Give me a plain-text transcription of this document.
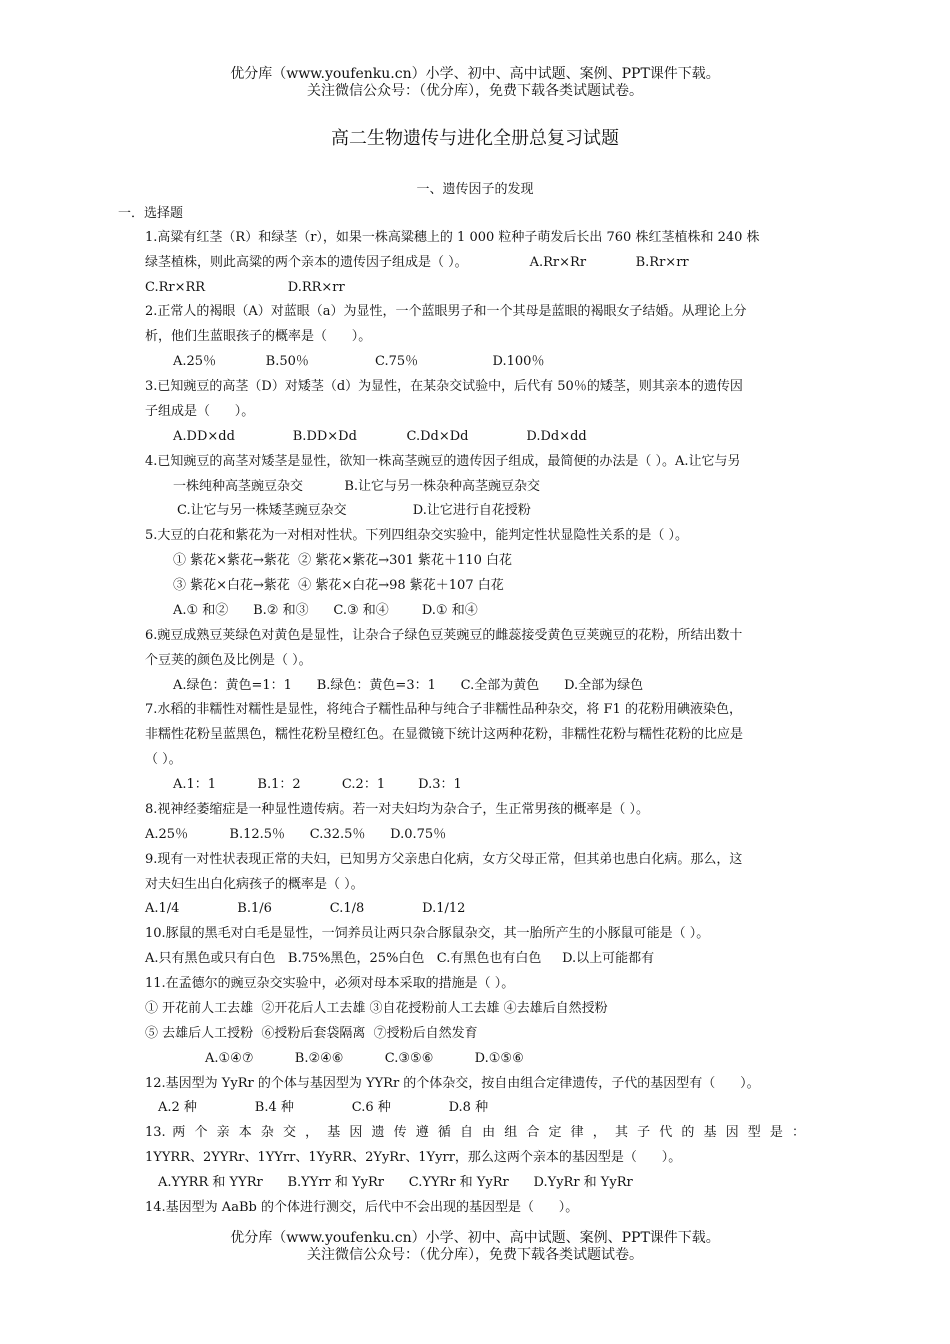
优分库（www.youfenku.cn）小学、初中、高中试题、案例、PPT课件下载。
关注微信公众号：（优分库），免费下载各类试题试卷。
高二生物遗传与进化全册总复习试题
一、遗传因子的发现
一．选择题
1.高粱有红茎（R）和绿茎（r），如果一株高粱穗上的 1 000 粒种子萌发后长出 760 株红茎植株和 240 株
绿茎植株，则此高粱的两个亲本的遗传因子组成是（ ）。               A.Rr×Rr            B.Rr×rr
C.Rr×RR                    D.RR×rr
2.正常人的褐眼（A）对蓝眼（a）为显性，一个蓝眼男子和一个其母是蓝眼的褐眼女子结婚。从理论上分
析，他们生蓝眼孩子的概率是（      ）。
A.25％            B.50％                C.75％                  D.100％
3.已知豌豆的高茎（D）对矮茎（d）为显性，在某杂交试验中，后代有 50％的矮茎，则其亲本的遗传因
子组成是（      ）。
A.DD×dd              B.DD×Dd            C.Dd×Dd              D.Dd×dd
4.已知豌豆的高茎对矮茎是显性，欲知一株高茎豌豆的遗传因子组成，最简便的办法是（ ）。A.让它与另
一株纯种高茎豌豆杂交          B.让它与另一株杂种高茎豌豆杂交
C.让它与另一株矮茎豌豆杂交                D.让它进行自花授粉
5.大豆的白花和紫花为一对相对性状。下列四组杂交实验中，能判定性状显隐性关系的是（ ）。
① 紫花×紫花→紫花  ② 紫花×紫花→301 紫花＋110 白花
③ 紫花×白花→紫花  ④ 紫花×白花→98 紫花＋107 白花
A.① 和②      B.② 和③      C.③ 和④        D.① 和④
6.豌豆成熟豆荚绿色对黄色是显性，让杂合子绿色豆荚豌豆的雌蕊接受黄色豆荚豌豆的花粉，所结出数十
个豆荚的颜色及比例是（ ）。
A.绿色：黄色=1：1      B.绿色：黄色=3：1      C.全部为黄色      D.全部为绿色
7.水稻的非糯性对糯性是显性，将纯合子糯性品种与纯合子非糯性品种杂交，将 F1 的花粉用碘液染色，
非糯性花粉呈蓝黑色，糯性花粉呈橙红色。在显微镜下统计这两种花粉，非糯性花粉与糯性花粉的比应是
（ ）。
A.1：1          B.1：2          C.2：1        D.3：1
8.视神经萎缩症是一种显性遗传病。若一对夫妇均为杂合子，生正常男孩的概率是（ ）。
A.25％          B.12.5％      C.32.5％      D.0.75％
9.现有一对性状表现正常的夫妇，已知男方父亲患白化病，女方父母正常，但其弟也患白化病。那么，这
对夫妇生出白化病孩子的概率是（ ）。
A.1/4              B.1/6              C.1/8              D.1/12
10.豚鼠的黑毛对白毛是显性，一饲养员让两只杂合豚鼠杂交，其一胎所产生的小豚鼠可能是（ ）。
A.只有黑色或只有白色   B.75%黑色，25%白色   C.有黑色也有白色     D.以上可能都有
11.在孟德尔的豌豆杂交实验中，必须对母本采取的措施是（ ）。
① 开花前人工去雄  ②开花后人工去雄 ③自花授粉前人工去雄 ④去雄后自然授粉
⑤ 去雄后人工授粉  ⑥授粉后套袋隔离  ⑦授粉后自然发育
A.①④⑦          B.②④⑥          C.③⑤⑥          D.①⑤⑥
12.基因型为 YyRr 的个体与基因型为 YYRr 的个体杂交，按自由组合定律遗传，子代的基因型有（      ）。
A.2 种              B.4 种              C.6 种              D.8 种
13. 两 个 亲 本 杂 交 ， 基 因 遗 传 遵 循 自 由 组 合 定 律 ， 其 子 代 的 基 因 型 是 ：
1YYRR、2YYRr、1YYrr、1YyRR、2YyRr、1Yyrr，那么这两个亲本的基因型是（      ）。
A.YYRR 和 YYRr      B.YYrr 和 YyRr      C.YYRr 和 YyRr      D.YyRr 和 YyRr
14.基因型为 AaBb 的个体进行测交，后代中不会出现的基因型是（      ）。
优分库（www.youfenku.cn）小学、初中、高中试题、案例、PPT课件下载。
关注微信公众号：（优分库），免费下载各类试题试卷。
